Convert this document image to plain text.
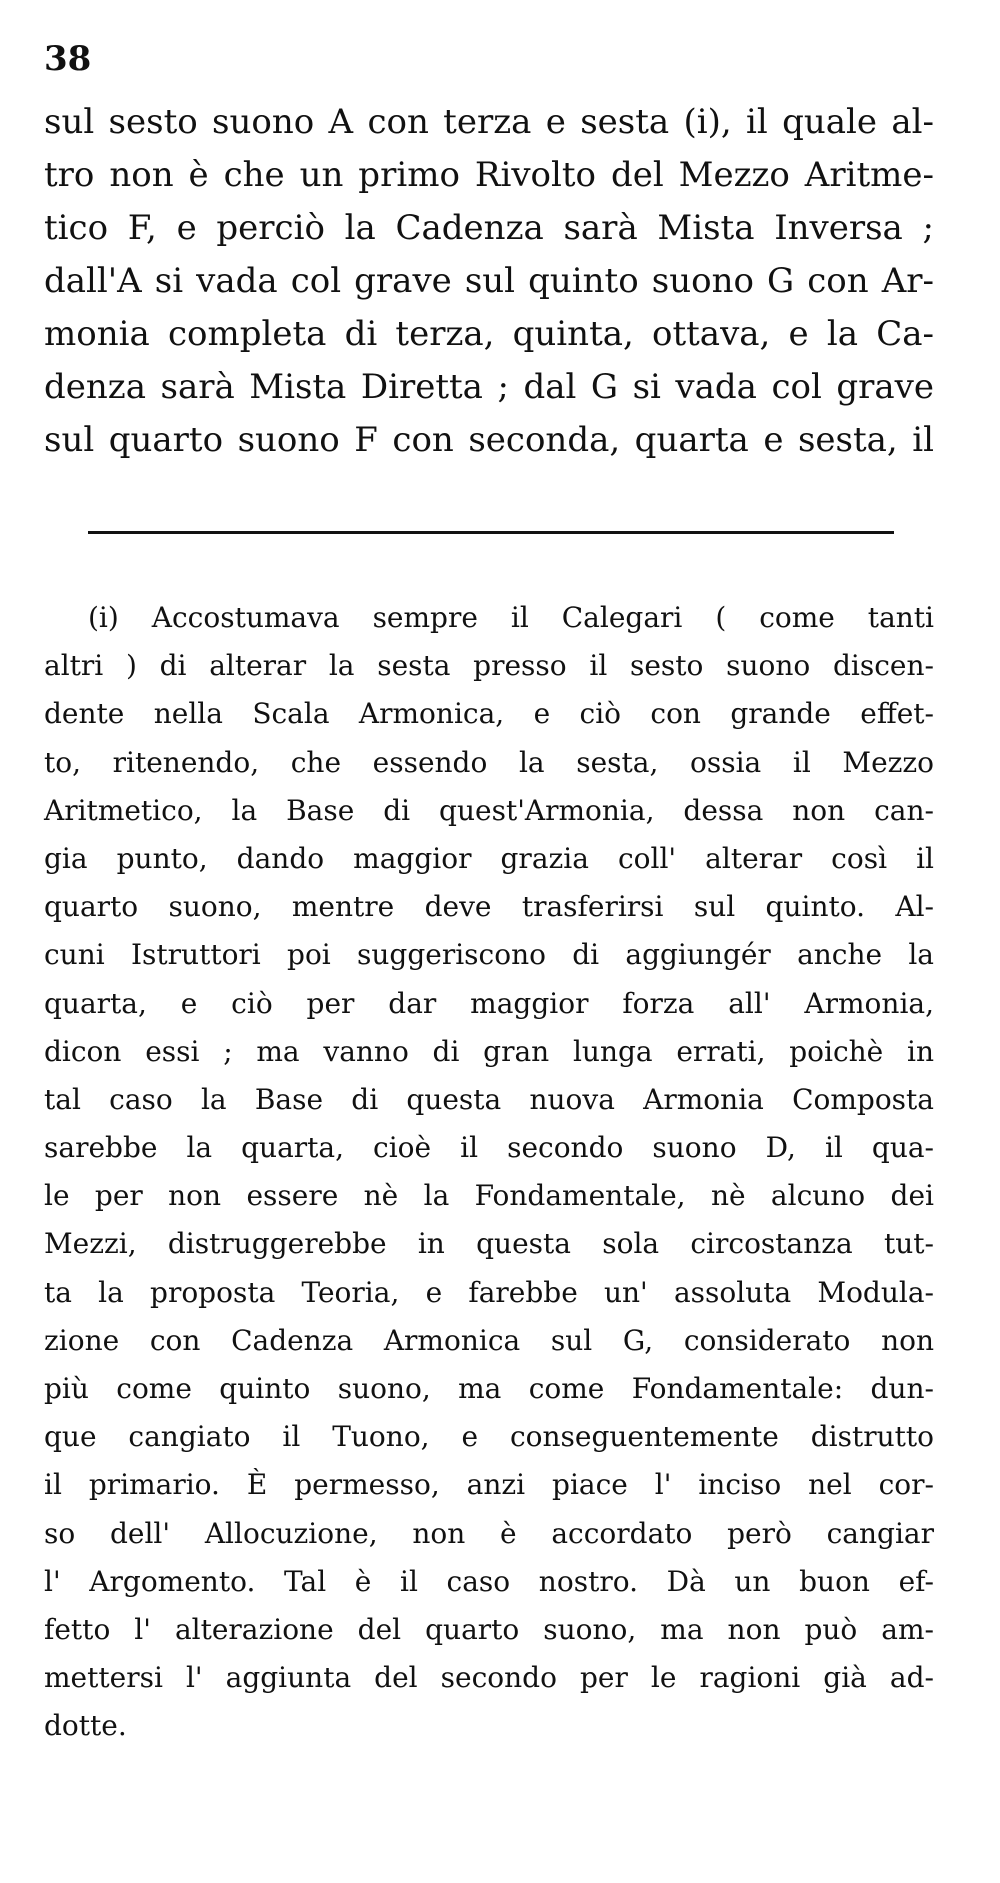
38
sul sesto suono A con terza e sesta (i), il quale al-
tro non è che un primo Rivolto del Mezzo Aritme-
tico F, e perciò la Cadenza sarà Mista Inversa ;
dall'A si vada col grave sul quinto suono G con Ar-
monia completa di terza, quinta, ottava, e la Ca-
denza sarà Mista Diretta ; dal G si vada col grave
sul quarto suono F con seconda, quarta e sesta, il
(i) Accostumava sempre il Calegari ( come tanti
altri ) di alterar la sesta presso il sesto suono discen-
dente nella Scala Armonica, e ciò con grande effet-
to, ritenendo, che essendo la sesta, ossia il Mezzo
Aritmetico, la Base di quest'Armonia, dessa non can-
gia punto, dando maggior grazia coll' alterar così il
quarto suono, mentre deve trasferirsi sul quinto. Al-
cuni Istruttori poi suggeriscono di aggiungér anche la
quarta, e ciò per dar maggior forza all' Armonia,
dicon essi ; ma vanno di gran lunga errati, poichè in
tal caso la Base di questa nuova Armonia Composta
sarebbe la quarta, cioè il secondo suono D, il qua-
le per non essere nè la Fondamentale, nè alcuno dei
Mezzi, distruggerebbe in questa sola circostanza tut-
ta la proposta Teoria, e farebbe un' assoluta Modula-
zione con Cadenza Armonica sul G, considerato non
più come quinto suono, ma come Fondamentale: dun-
que cangiato il Tuono, e conseguentemente distrutto
il primario. È permesso, anzi piace l' inciso nel cor-
so dell' Allocuzione, non è accordato però cangiar
l' Argomento. Tal è il caso nostro. Dà un buon ef-
fetto l' alterazione del quarto suono, ma non può am-
mettersi l' aggiunta del secondo per le ragioni già ad-
dotte.
